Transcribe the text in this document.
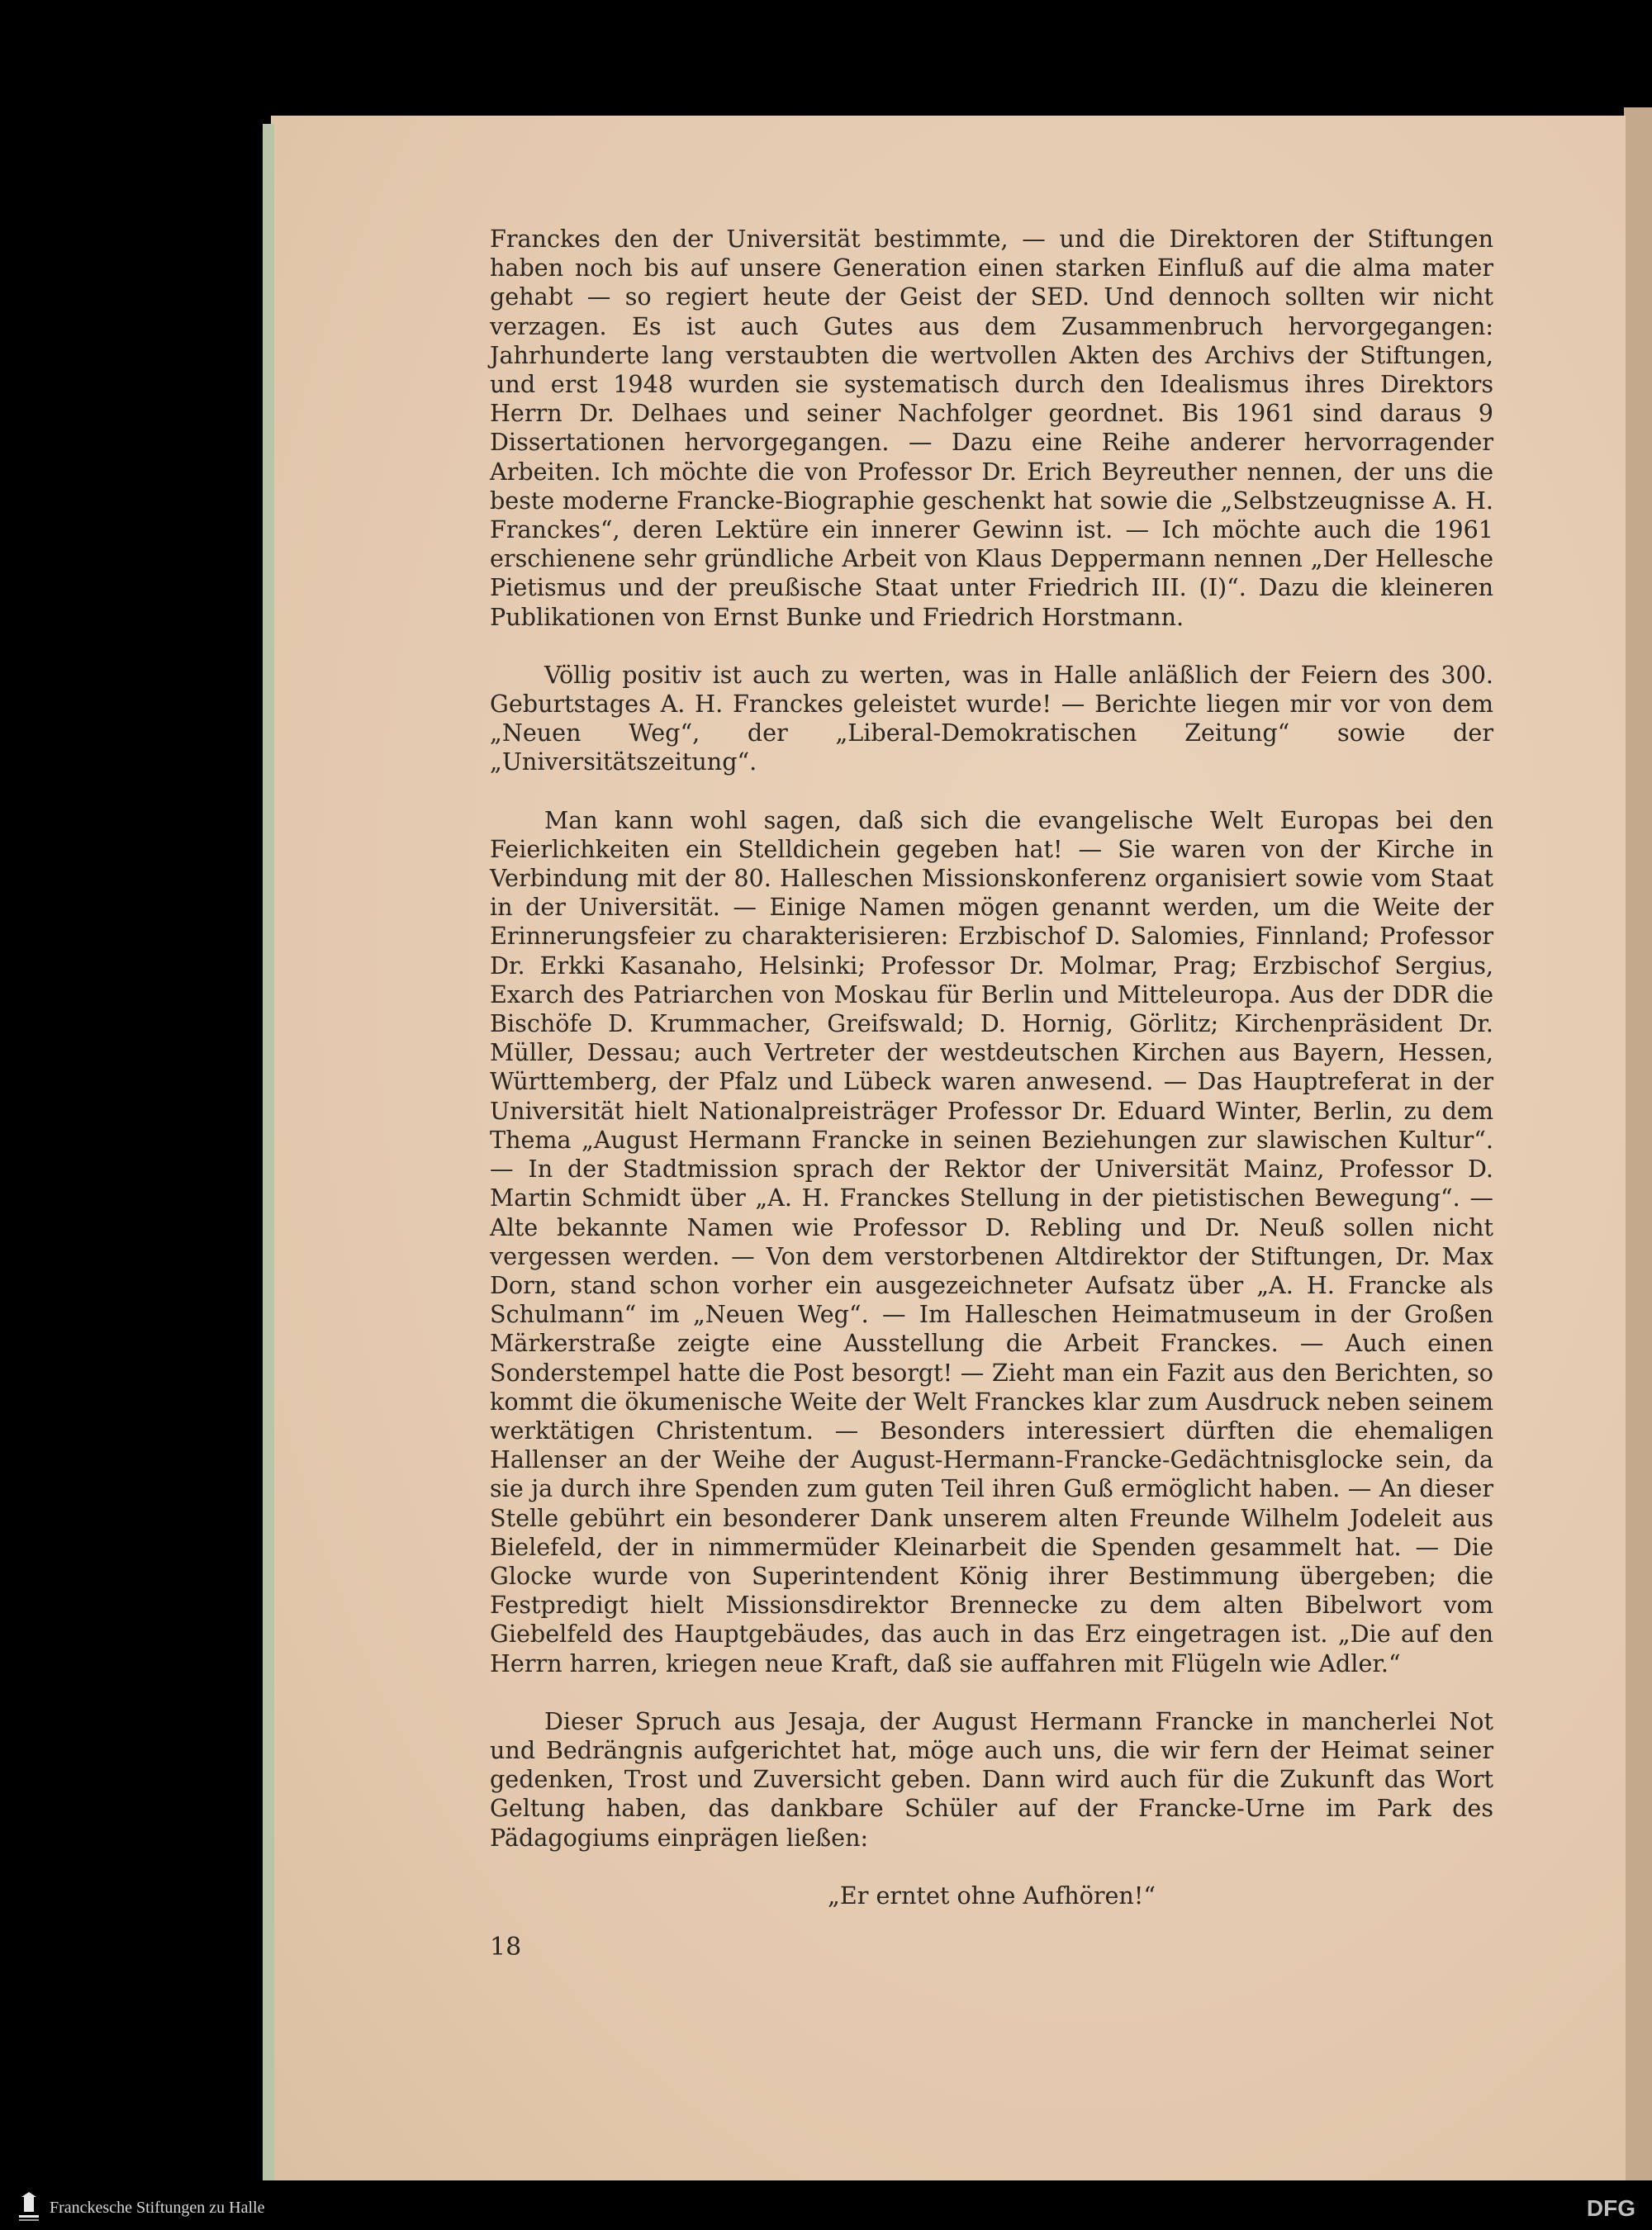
Franckes den der Universität bestimmte, — und die Direktoren der Stiftungen haben noch bis auf unsere Generation einen starken Einfluß auf die alma mater gehabt — so regiert heute der Geist der SED. Und dennoch sollten wir nicht verzagen. Es ist auch Gutes aus dem Zusammenbruch hervorgegangen: Jahrhunderte lang verstaubten die wertvollen Akten des Archivs der Stiftungen, und erst 1948 wurden sie systematisch durch den Idealismus ihres Direktors Herrn Dr. Delhaes und seiner Nachfolger geordnet. Bis 1961 sind daraus 9 Dissertationen hervorgegangen. — Dazu eine Reihe anderer hervorragender Arbeiten. Ich möchte die von Professor Dr. Erich Beyreuther nennen, der uns die beste moderne Francke-Biographie geschenkt hat sowie die „Selbstzeugnisse A. H. Franckes“, deren Lektüre ein innerer Gewinn ist. — Ich möchte auch die 1961 erschienene sehr gründliche Arbeit von Klaus Deppermann nennen „Der Hellesche Pietismus und der preußische Staat unter Friedrich III. (I)“. Dazu die kleineren Publikationen von Ernst Bunke und Friedrich Horstmann.

Völlig positiv ist auch zu werten, was in Halle anläßlich der Feiern des 300. Geburtstages A. H. Franckes geleistet wurde! — Berichte liegen mir vor von dem „Neuen Weg“, der „Liberal-Demokratischen Zeitung“ sowie der „Universitätszeitung“.

Man kann wohl sagen, daß sich die evangelische Welt Europas bei den Feierlichkeiten ein Stelldichein gegeben hat! — Sie waren von der Kirche in Verbindung mit der 80. Halleschen Missionskonferenz organisiert sowie vom Staat in der Universität. — Einige Namen mögen genannt werden, um die Weite der Erinnerungsfeier zu charakterisieren: Erzbischof D. Salomies, Finnland; Professor Dr. Erkki Kasanaho, Helsinki; Professor Dr. Molmar, Prag; Erzbischof Sergius, Exarch des Patriarchen von Moskau für Berlin und Mitteleuropa. Aus der DDR die Bischöfe D. Krummacher, Greifswald; D. Hornig, Görlitz; Kirchenpräsident Dr. Müller, Dessau; auch Vertreter der westdeutschen Kirchen aus Bayern, Hessen, Württemberg, der Pfalz und Lübeck waren anwesend. — Das Hauptreferat in der Universität hielt Nationalpreisträger Professor Dr. Eduard Winter, Berlin, zu dem Thema „August Hermann Francke in seinen Beziehungen zur slawischen Kultur“. — In der Stadtmission sprach der Rektor der Universität Mainz, Professor D. Martin Schmidt über „A. H. Franckes Stellung in der pietistischen Bewegung“. — Alte bekannte Namen wie Professor D. Rebling und Dr. Neuß sollen nicht vergessen werden. — Von dem verstorbenen Altdirektor der Stiftungen, Dr. Max Dorn, stand schon vorher ein ausgezeichneter Aufsatz über „A. H. Francke als Schulmann“ im „Neuen Weg“. — Im Halleschen Heimatmuseum in der Großen Märkerstraße zeigte eine Ausstellung die Arbeit Franckes. — Auch einen Sonderstempel hatte die Post besorgt! — Zieht man ein Fazit aus den Berichten, so kommt die ökumenische Weite der Welt Franckes klar zum Ausdruck neben seinem werktätigen Christentum. — Besonders interessiert dürften die ehemaligen Hallenser an der Weihe der August-Hermann-Francke-Gedächtnisglocke sein, da sie ja durch ihre Spenden zum guten Teil ihren Guß ermöglicht haben. — An dieser Stelle gebührt ein besonderer Dank unserem alten Freunde Wilhelm Jodeleit aus Bielefeld, der in nimmermüder Kleinarbeit die Spenden gesammelt hat. — Die Glocke wurde von Superintendent König ihrer Bestimmung übergeben; die Festpredigt hielt Missionsdirektor Brennecke zu dem alten Bibelwort vom Giebelfeld des Hauptgebäudes, das auch in das Erz eingetragen ist. „Die auf den Herrn harren, kriegen neue Kraft, daß sie auffahren mit Flügeln wie Adler.“

Dieser Spruch aus Jesaja, der August Hermann Francke in mancherlei Not und Bedrängnis aufgerichtet hat, möge auch uns, die wir fern der Heimat seiner gedenken, Trost und Zuversicht geben. Dann wird auch für die Zukunft das Wort Geltung haben, das dankbare Schüler auf der Francke-Urne im Park des Pädagogiums einprägen ließen:

„Er erntet ohne Aufhören!“

18
Franckesche Stiftungen zu Halle	DFG
